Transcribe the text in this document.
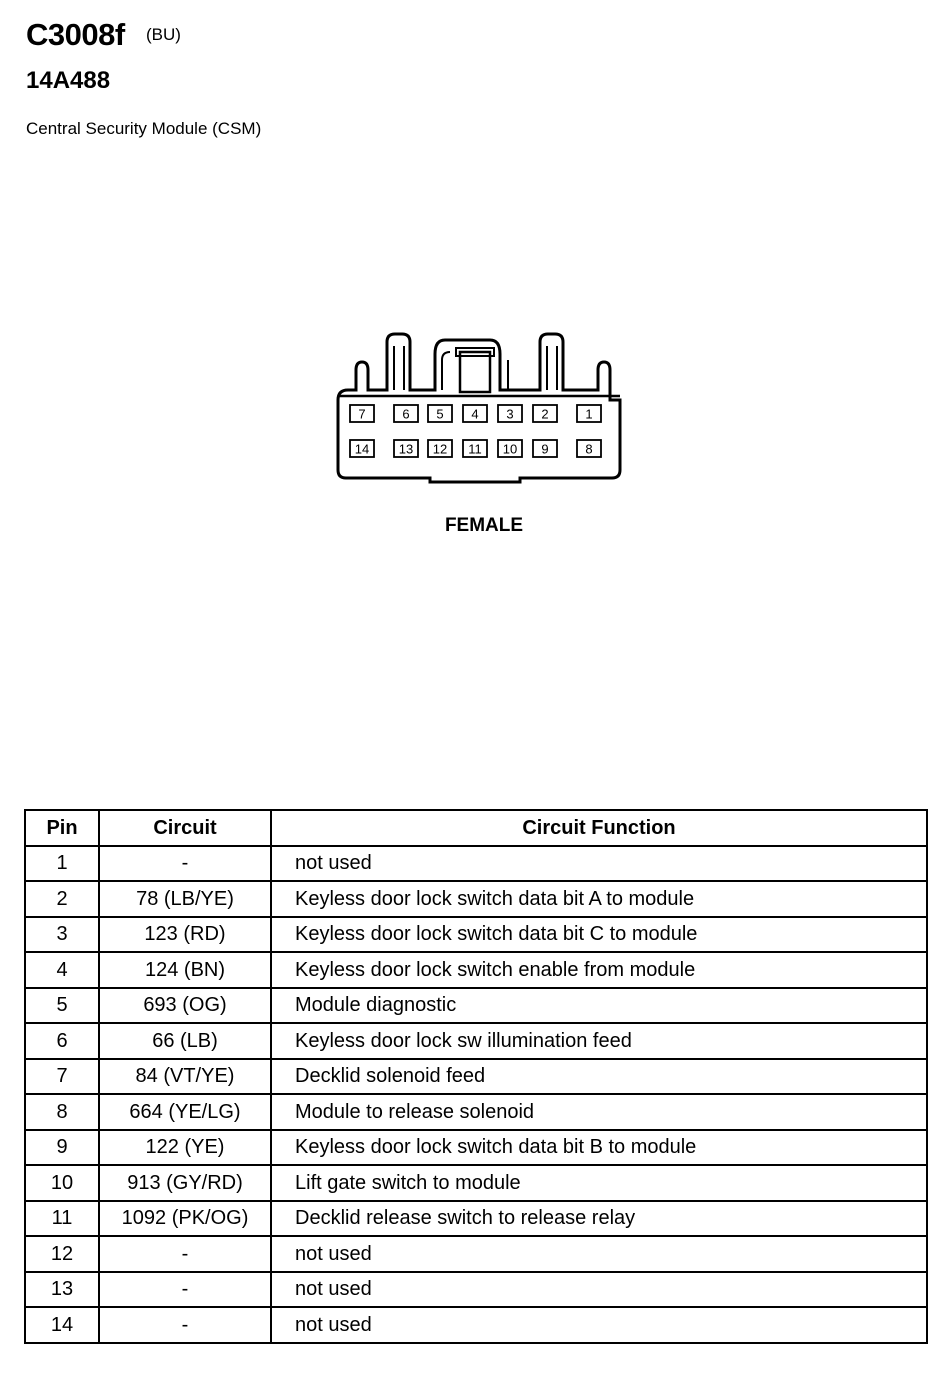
C3008f (BU)
14A488
Central Security Module (CSM)
7	6 5 4 3 2	1
14 13 12 11 10 9	8
FEMALE
Pin	Circuit	Circuit Function
1	-	not used
2	78 (LB/YE)	Keyless door lock switch data bit A to module
3	123 (RD)	Keyless door lock switch data bit C to module
4	124 (BN)	Keyless door lock switch enable from module
5	693 (OG)	Module diagnostic
6	66 (LB)	Keyless door lock sw illumination feed
7	84 (VT/YE)	Decklid solenoid feed
8	664 (YE/LG)	Module to release solenoid
9	122 (YE)	Keyless door lock switch data bit B to module
10	913 (GY/RD)	Lift gate switch to module
11	1092 (PK/OG)	Decklid release switch to release relay
12	-	not used
13	-	not used
14	-	not used
